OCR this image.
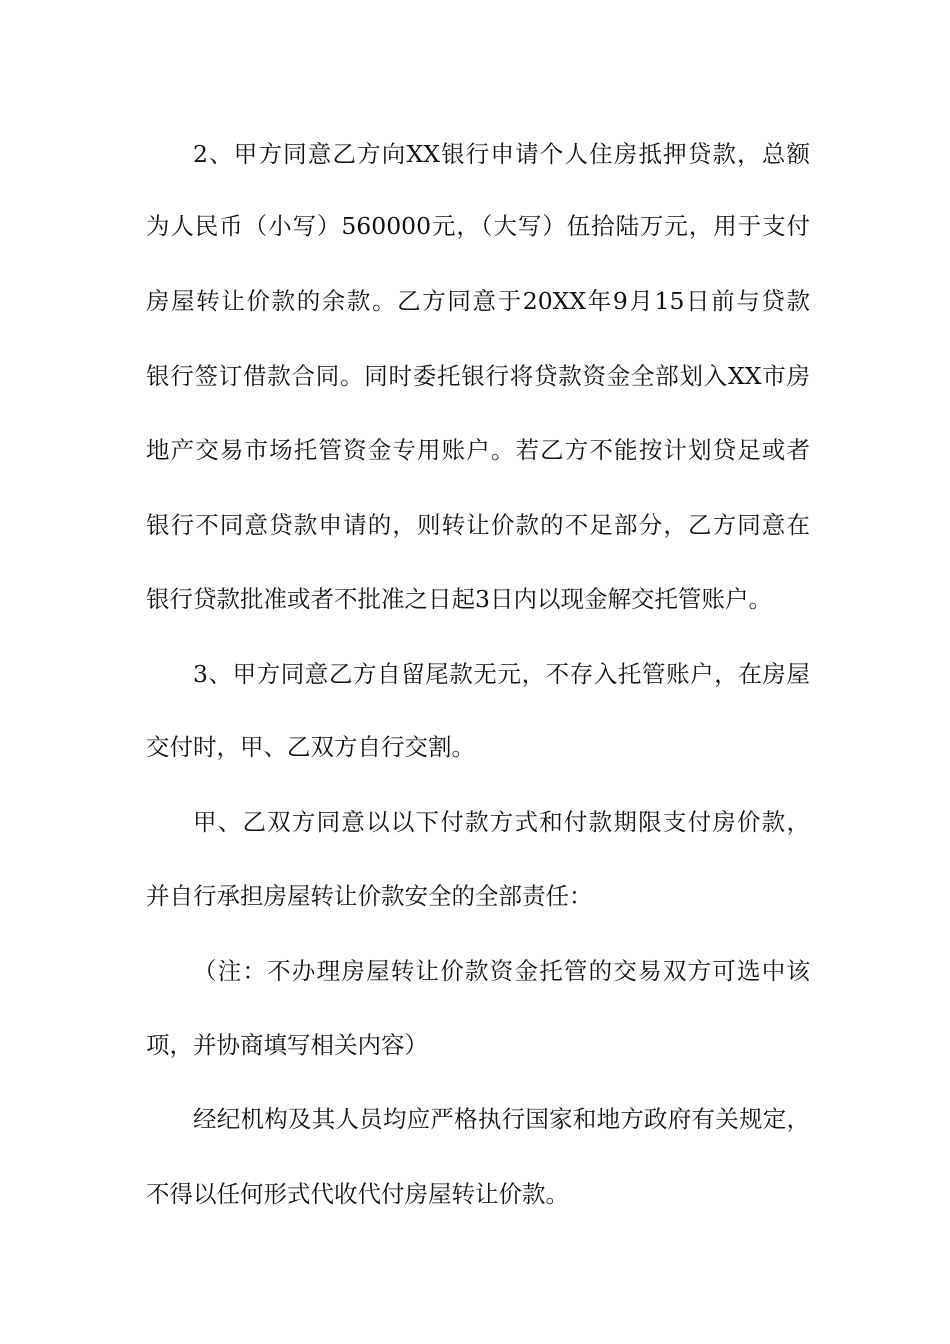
2、甲方同意乙方向XX银行申请个人住房抵押贷款，总额
为人民币（小写）560000元，（大写）伍拾陆万元，用于支付
房屋转让价款的余款。乙方同意于20XX年9月15日前与贷款
银行签订借款合同。同时委托银行将贷款资金全部划入XX市房
地产交易市场托管资金专用账户。若乙方不能按计划贷足或者
银行不同意贷款申请的，则转让价款的不足部分，乙方同意在
银行贷款批准或者不批准之日起3日内以现金解交托管账户。
3、甲方同意乙方自留尾款无元，不存入托管账户，在房屋
交付时，甲、乙双方自行交割。
甲、乙双方同意以以下付款方式和付款期限支付房价款，
并自行承担房屋转让价款安全的全部责任：
（注：不办理房屋转让价款资金托管的交易双方可选中该
项，并协商填写相关内容）
经纪机构及其人员均应严格执行国家和地方政府有关规定，
不得以任何形式代收代付房屋转让价款。
